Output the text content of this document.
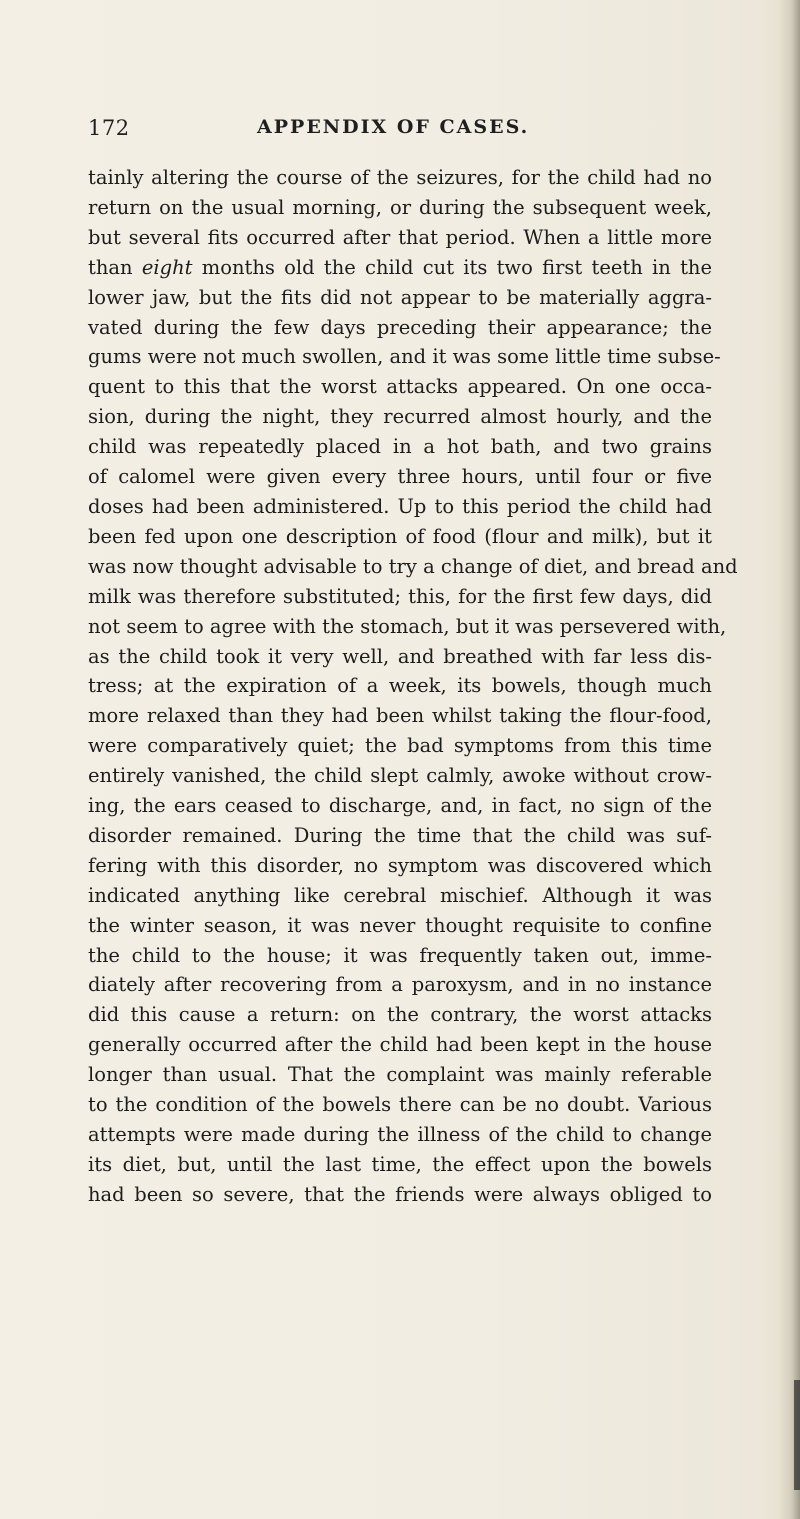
172	APPENDIX OF CASES.
tainly altering the course of the seizures, for the child had no
return on the usual morning, or during the subsequent week,
but several fits occurred after that period. When a little more
than eight months old the child cut its two first teeth in the
lower jaw, but the fits did not appear to be materially aggra-
vated during the few days preceding their appearance; the
gums were not much swollen, and it was some little time subse-
quent to this that the worst attacks appeared. On one occa-
sion, during the night, they recurred almost hourly, and the
child was repeatedly placed in a hot bath, and two grains
of calomel were given every three hours, until four or five
doses had been administered. Up to this period the child had
been fed upon one description of food (flour and milk), but it
was now thought advisable to try a change of diet, and bread and
milk was therefore substituted; this, for the first few days, did
not seem to agree with the stomach, but it was persevered with,
as the child took it very well, and breathed with far less dis-
tress; at the expiration of a week, its bowels, though much
more relaxed than they had been whilst taking the flour-food,
were comparatively quiet; the bad symptoms from this time
entirely vanished, the child slept calmly, awoke without crow-
ing, the ears ceased to discharge, and, in fact, no sign of the
disorder remained. During the time that the child was suf-
fering with this disorder, no symptom was discovered which
indicated anything like cerebral mischief. Although it was
the winter season, it was never thought requisite to confine
the child to the house; it was frequently taken out, imme-
diately after recovering from a paroxysm, and in no instance
did this cause a return: on the contrary, the worst attacks
generally occurred after the child had been kept in the house
longer than usual. That the complaint was mainly referable
to the condition of the bowels there can be no doubt. Various
attempts were made during the illness of the child to change
its diet, but, until the last time, the effect upon the bowels
had been so severe, that the friends were always obliged to
